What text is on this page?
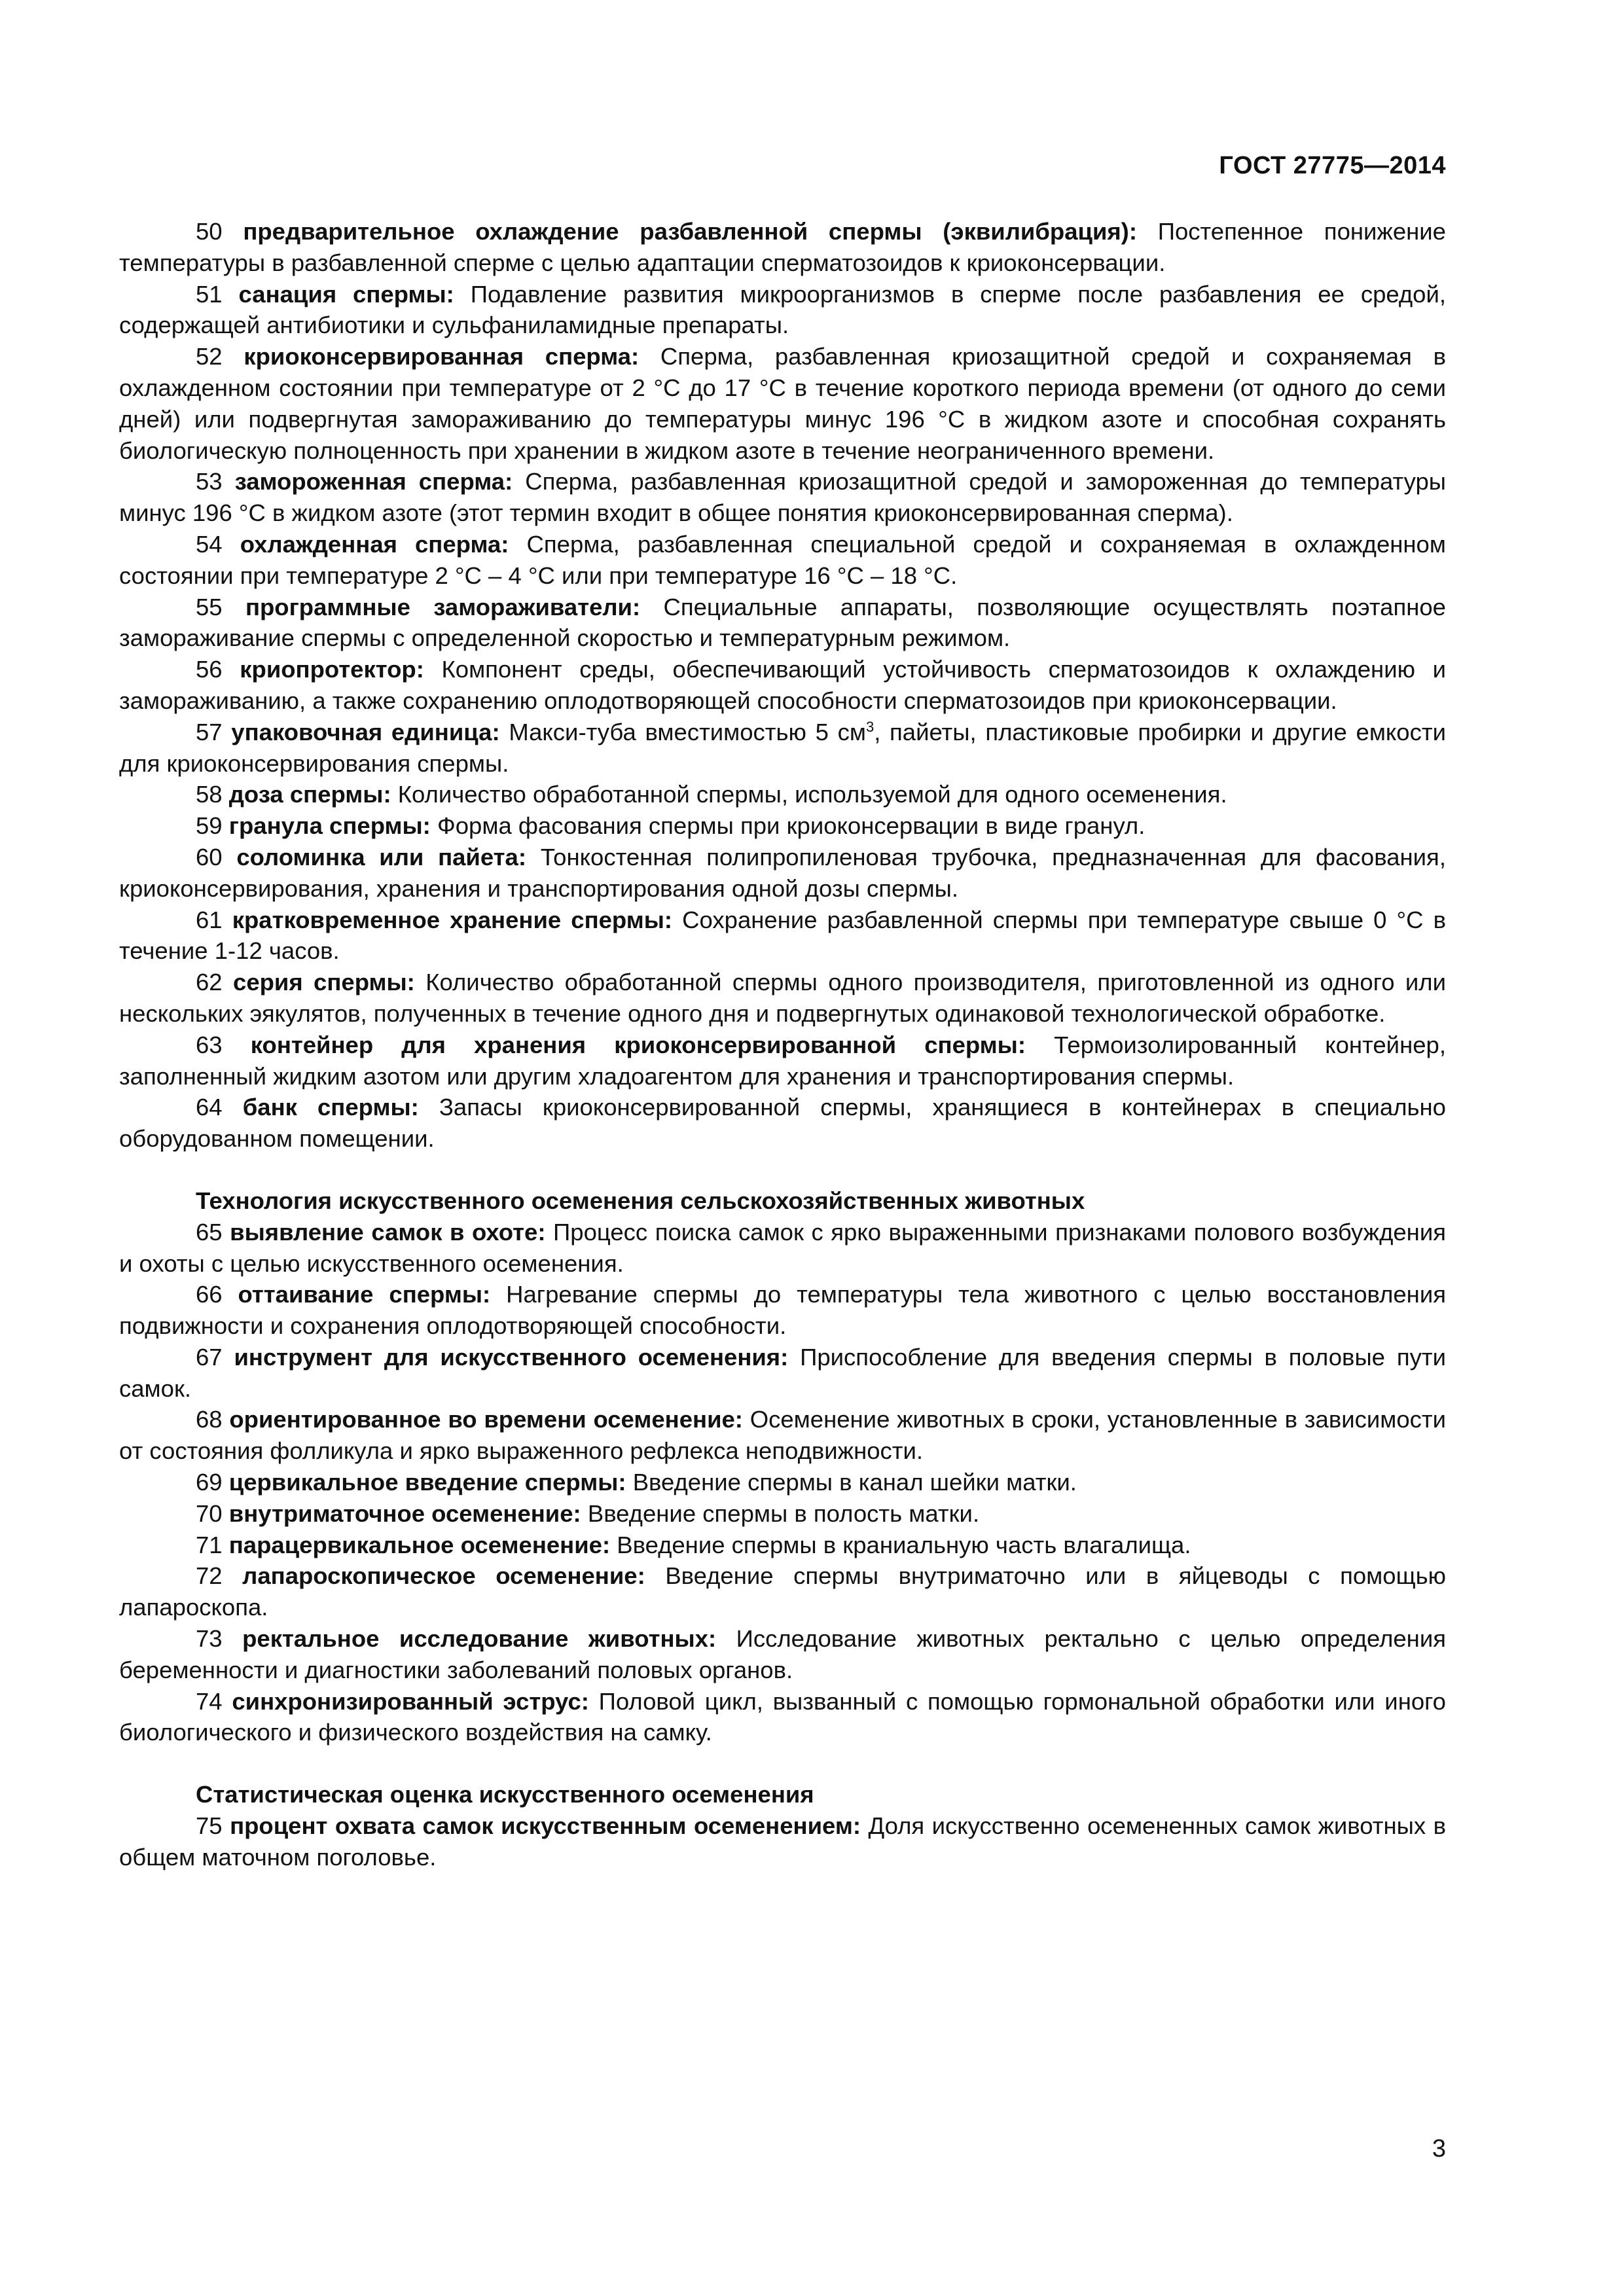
ГОСТ 27775—2014

50 предварительное охлаждение разбавленной спермы (эквилибрация): Постепенное понижение температуры в разбавленной сперме с целью адаптации сперматозоидов к криоконсервации.

51 санация спермы: Подавление развития микроорганизмов в сперме после разбавления ее средой, содержащей антибиотики и сульфаниламидные препараты.

52 криоконсервированная сперма: Сперма, разбавленная криозащитной средой и сохраняемая в охлажденном состоянии при температуре от 2 °С до 17 °С в течение короткого периода времени (от одного до семи дней) или подвергнутая замораживанию до температуры минус 196 °С в жидком азоте и способная сохранять биологическую полноценность при хранении в жидком азоте в течение неограниченного времени.

53 замороженная сперма: Сперма, разбавленная криозащитной средой и замороженная до температуры минус 196 °С в жидком азоте (этот термин входит в общее понятия криоконсервированная сперма).

54 охлажденная сперма: Сперма, разбавленная специальной средой и сохраняемая в охлажденном состоянии при температуре 2 °С – 4 °С или при температуре 16 °С – 18 °С.

55 программные замораживатели: Специальные аппараты, позволяющие осуществлять поэтапное замораживание спермы с определенной скоростью и температурным режимом.

56 криопротектор: Компонент среды, обеспечивающий устойчивость сперматозоидов к охлаждению и замораживанию, а также сохранению оплодотворяющей способности сперматозоидов при криоконсервации.

57 упаковочная единица: Макси-туба вместимостью 5 $см^3$, пайеты, пластиковые пробирки и другие емкости для криоконсервирования спермы.

58 доза спермы: Количество обработанной спермы, используемой для одного осеменения.

59 гранула спермы: Форма фасования спермы при криоконсервации в виде гранул.

60 соломинка или пайета: Тонкостенная полипропиленовая трубочка, предназначенная для фасования, криоконсервирования, хранения и транспортирования одной дозы спермы.

61 кратковременное хранение спермы: Сохранение разбавленной спермы при температуре свыше 0 °С в течение 1-12 часов.

62 серия спермы: Количество обработанной спермы одного производителя, приготовленной из одного или нескольких эякулятов, полученных в течение одного дня и подвергнутых одинаковой технологической обработке.

63 контейнер для хранения криоконсервированной спермы: Термоизолированный контейнер, заполненный жидким азотом или другим хладоагентом для хранения и транспортирования спермы.

64 банк спермы: Запасы криоконсервированной спермы, хранящиеся в контейнерах в специально оборудованном помещении.

Технология искусственного осеменения сельскохозяйственных животных

65 выявление самок в охоте: Процесс поиска самок с ярко выраженными признаками полового возбуждения и охоты с целью искусственного осеменения.

66 оттаивание спермы: Нагревание спермы до температуры тела животного с целью восстановления подвижности и сохранения оплодотворяющей способности.

67 инструмент для искусственного осеменения: Приспособление для введения спермы в половые пути самок.

68 ориентированное во времени осеменение: Осеменение животных в сроки, установленные в зависимости от состояния фолликула и ярко выраженного рефлекса неподвижности.

69 цервикальное введение спермы: Введение спермы в канал шейки матки.

70 внутриматочное осеменение: Введение спермы в полость матки.

71 парацервикальное осеменение: Введение спермы в краниальную часть влагалища.

72 лапароскопическое осеменение: Введение спермы внутриматочно или в яйцеводы с помощью лапароскопа.

73 ректальное исследование животных: Исследование животных ректально с целью определения беременности и диагностики заболеваний половых органов.

74 синхронизированный эструс: Половой цикл, вызванный с помощью гормональной обработки или иного биологического и физического воздействия на самку.

Статистическая оценка искусственного осеменения

75 процент охвата самок искусственным осеменением: Доля искусственно осемененных самок животных в общем маточном поголовье.

3
